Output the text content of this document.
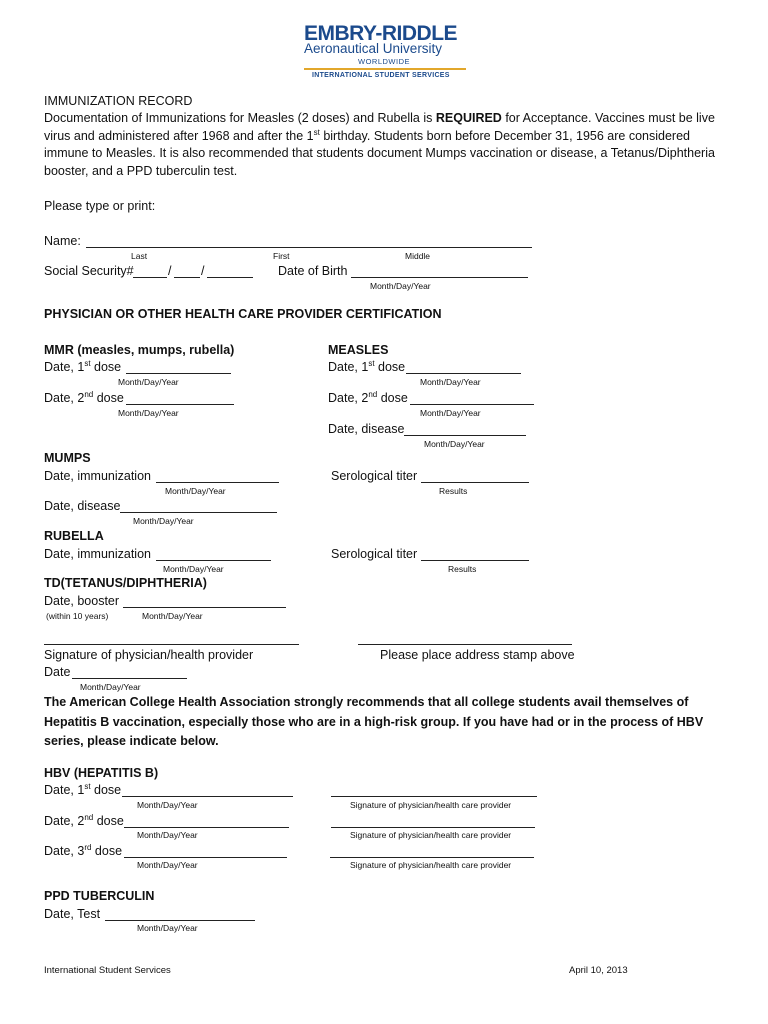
EMBRY-RIDDLE
Aeronautical University
WORLDWIDE
INTERNATIONAL STUDENT SERVICES
IMMUNIZATION RECORD
Documentation of Immunizations for Measles (2 doses) and Rubella is REQUIRED for Acceptance. Vaccines must be live virus and administered after 1968 and after the 1st birthday. Students born before December 31, 1956 are considered immune to Measles. It is also recommended that students document Mumps vaccination or disease, a Tetanus/Diphtheria booster, and a PPD tuberculin test.
Please type or print:
Name:
Last	First	Middle
Social Security#	/ /	Date of Birth
Month/Day/Year
PHYSICIAN OR OTHER HEALTH CARE PROVIDER CERTIFICATION
MMR (measles, mumps, rubella)
Date, 1st dose
Month/Day/Year
Date, 2nd dose
Month/Day/Year
MEASLES
Date, 1st dose
Month/Day/Year
Date, 2nd dose
Month/Day/Year
Date, disease
Month/Day/Year
MUMPS
Date, immunization
Month/Day/Year
Serological titer
Results
Date, disease
Month/Day/Year
RUBELLA
Date, immunization
Month/Day/Year
Serological titer
Results
TD(TETANUS/DIPHTHERIA)
Date, booster
(within 10 years)	Month/Day/Year
Signature of physician/health provider	Please place address stamp above
Date
Month/Day/Year
The American College Health Association strongly recommends that all college students avail themselves of Hepatitis B vaccination, especially those who are in a high-risk group. If you have had or in the process of HBV series, please indicate below.
HBV (HEPATITIS B)
Date, 1st dose
Month/Day/Year	Signature of physician/health care provider
Date, 2nd dose
Month/Day/Year	Signature of physician/health care provider
Date, 3rd dose
Month/Day/Year	Signature of physician/health care provider
PPD TUBERCULIN
Date, Test
Month/Day/Year
International Student Services	April 10, 2013
